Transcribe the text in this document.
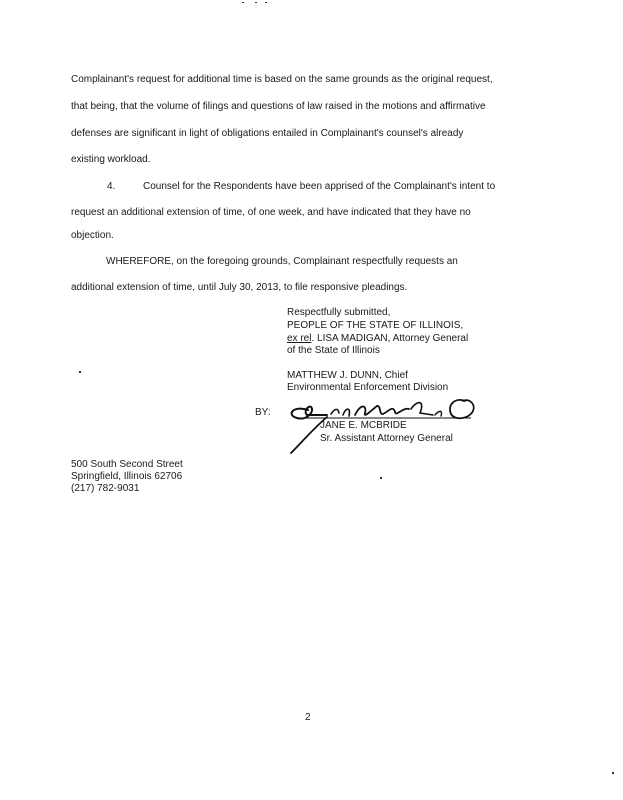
Complainant's request for additional time is based on the same grounds as the original request,
that being, that the volume of filings and questions of law raised in the motions and affirmative
defenses are significant in light of obligations entailed in Complainant's counsel's already
existing workload.
4.	Counsel for the Respondents have been apprised of the Complainant's intent to
request an additional extension of time, of one week, and have indicated that they have no
objection.
WHEREFORE, on the foregoing grounds, Complainant respectfully requests an
additional extension of time, until July 30, 2013, to file responsive pleadings.
Respectfully submitted,
PEOPLE OF THE STATE OF ILLINOIS,
ex rel. LISA MADIGAN, Attorney General
of the State of Illinois
MATTHEW J. DUNN, Chief
Environmental Enforcement Division
BY:
JANE E. MCBRIDE
Sr. Assistant Attorney General
500 South Second Street
Springfield, Illinois 62706
(217) 782-9031
2
